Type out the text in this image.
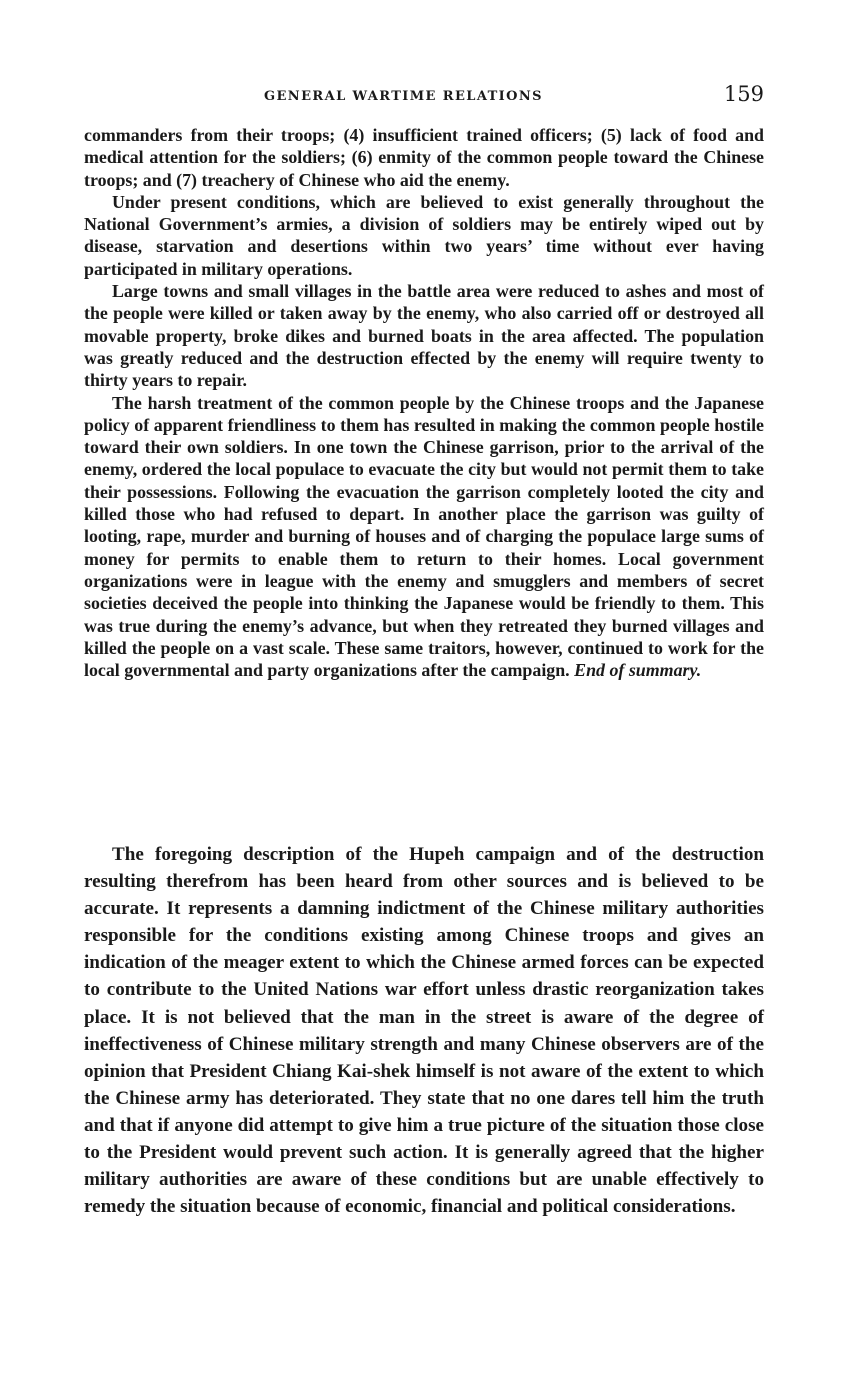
GENERAL WARTIME RELATIONS	159

commanders from their troops; (4) insufficient trained officers; (5) lack of food and medical attention for the soldiers; (6) enmity of the common people toward the Chinese troops; and (7) treachery of Chinese who aid the enemy.

Under present conditions, which are believed to exist generally throughout the National Government’s armies, a division of soldiers may be entirely wiped out by disease, starvation and desertions within two years’ time without ever having participated in military operations.

Large towns and small villages in the battle area were reduced to ashes and most of the people were killed or taken away by the enemy, who also carried off or destroyed all movable property, broke dikes and burned boats in the area affected. The population was greatly reduced and the destruction effected by the enemy will require twenty to thirty years to repair.

The harsh treatment of the common people by the Chinese troops and the Japanese policy of apparent friendliness to them has resulted in making the common people hostile toward their own soldiers. In one town the Chinese garrison, prior to the arrival of the enemy, ordered the local populace to evacuate the city but would not permit them to take their possessions. Following the evacuation the garrison completely looted the city and killed those who had refused to depart. In another place the garrison was guilty of looting, rape, murder and burning of houses and of charging the populace large sums of money for permits to enable them to return to their homes. Local government organizations were in league with the enemy and smugglers and members of secret societies deceived the people into thinking the Japanese would be friendly to them. This was true during the enemy’s advance, but when they retreated they burned villages and killed the people on a vast scale. These same traitors, however, continued to work for the local governmental and party organizations after the campaign. End of summary.

The foregoing description of the Hupeh campaign and of the destruction resulting therefrom has been heard from other sources and is believed to be accurate. It represents a damning indictment of the Chinese military authorities responsible for the conditions existing among Chinese troops and gives an indication of the meager extent to which the Chinese armed forces can be expected to contribute to the United Nations war effort unless drastic reorganization takes place. It is not believed that the man in the street is aware of the degree of ineffectiveness of Chinese military strength and many Chinese observers are of the opinion that President Chiang Kai-shek himself is not aware of the extent to which the Chinese army has deteriorated. They state that no one dares tell him the truth and that if anyone did attempt to give him a true picture of the situation those close to the President would prevent such action. It is generally agreed that the higher military authorities are aware of these conditions but are unable effectively to remedy the situation because of economic, financial and political considerations.
